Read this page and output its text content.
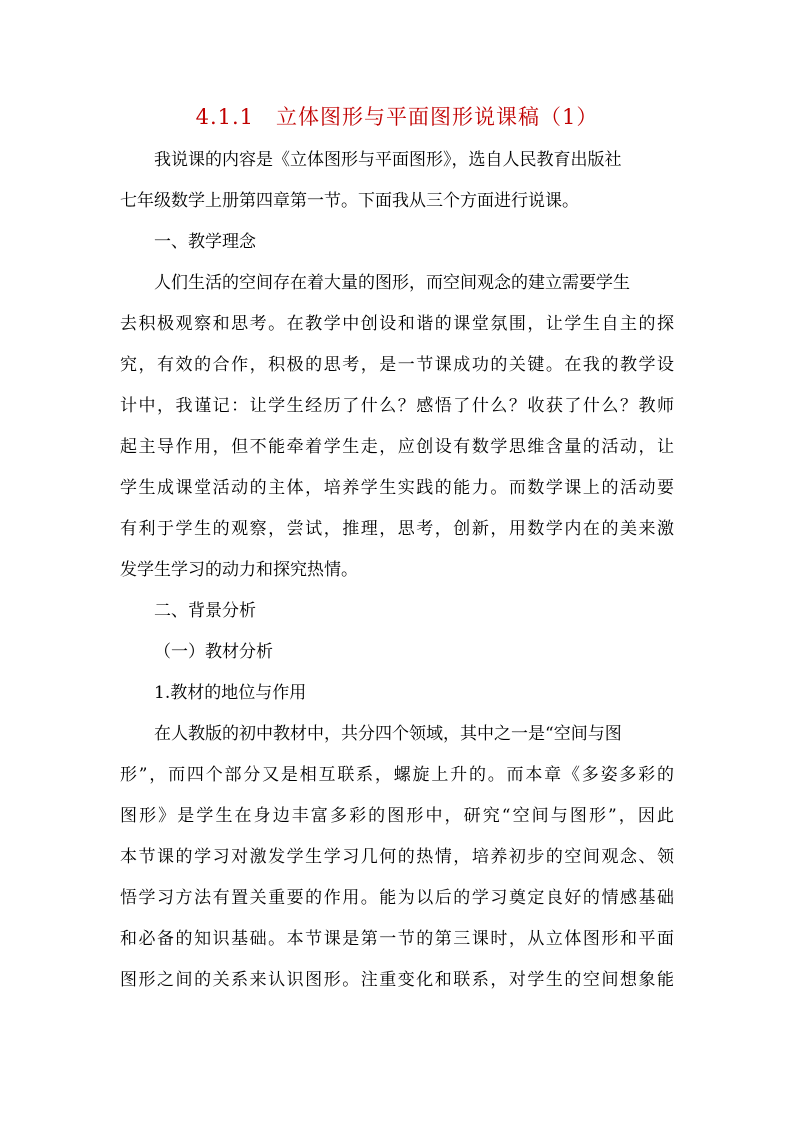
4.1.1　立体图形与平面图形说课稿（1）
我说课的内容是《立体图形与平面图形》，选自人民教育出版社
七年级数学上册第四章第一节。下面我从三个方面进行说课。
一、教学理念
人们生活的空间存在着大量的图形，而空间观念的建立需要学生
去积极观察和思考。在教学中创设和谐的课堂氛围，让学生自主的探
究，有效的合作，积极的思考，是一节课成功的关键。在我的教学设
计中，我谨记：让学生经历了什么？感悟了什么？收获了什么？教师
起主导作用，但不能牵着学生走，应创设有数学思维含量的活动，让
学生成课堂活动的主体，培养学生实践的能力。而数学课上的活动要
有利于学生的观察，尝试，推理，思考，创新，用数学内在的美来激
发学生学习的动力和探究热情。
二、背景分析
（一）教材分析
1.教材的地位与作用
在人教版的初中教材中，共分四个领域，其中之一是“空间与图
形”，而四个部分又是相互联系，螺旋上升的。而本章《多姿多彩的
图形》是学生在身边丰富多彩的图形中，研究“空间与图形”，因此
本节课的学习对激发学生学习几何的热情，培养初步的空间观念、领
悟学习方法有置关重要的作用。能为以后的学习奠定良好的情感基础
和必备的知识基础。本节课是第一节的第三课时，从立体图形和平面
图形之间的关系来认识图形。注重变化和联系，对学生的空间想象能
